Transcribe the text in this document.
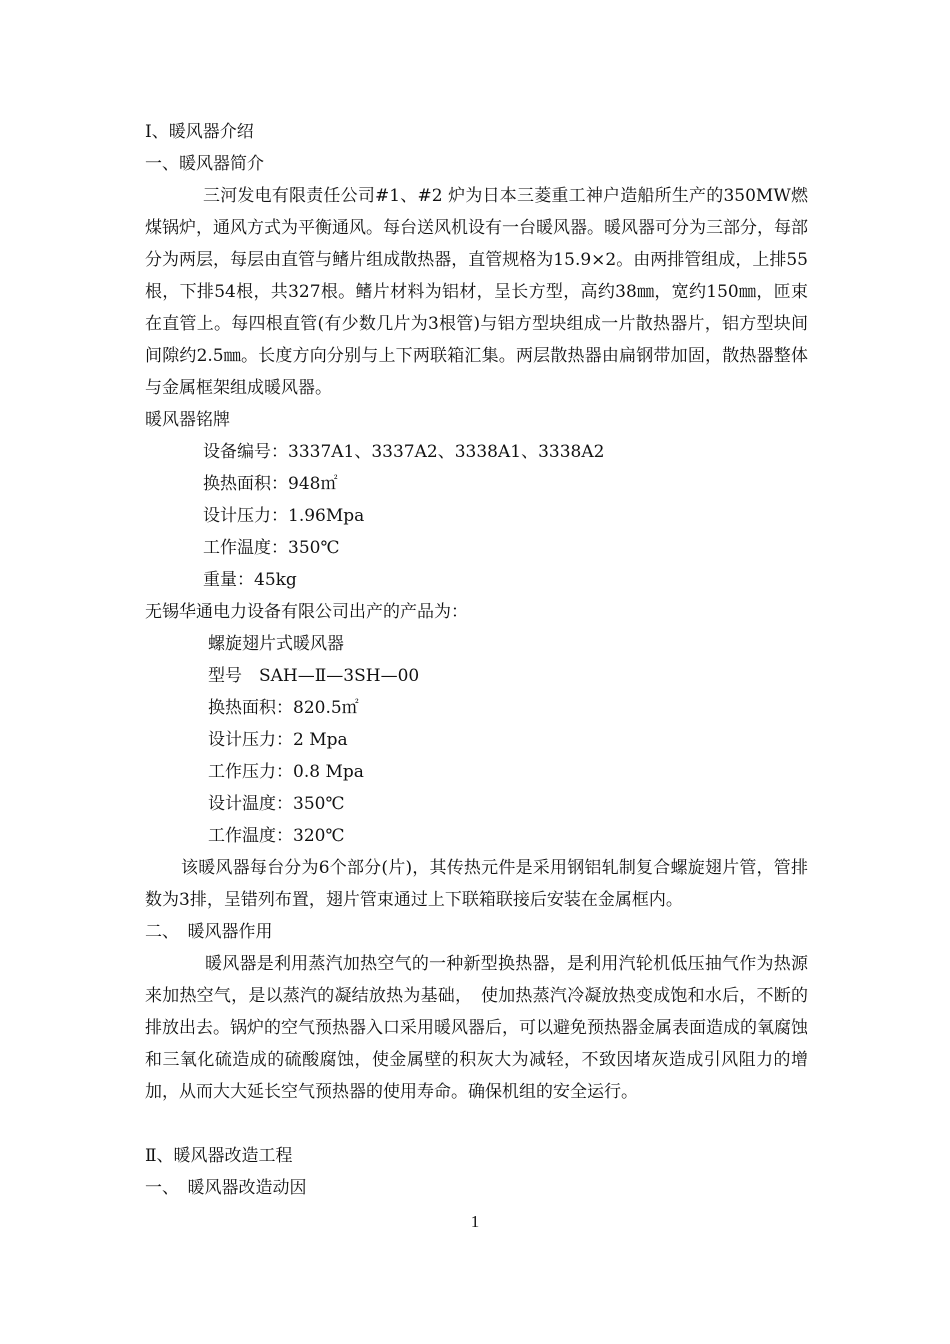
Ⅰ、暖风器介绍
一、暖风器简介

三河发电有限责任公司#1、#2 炉为日本三菱重工神户造船所生产的350MW燃煤锅炉，通风方式为平衡通风。每台送风机设有一台暖风器。暖风器可分为三部分，每部分为两层，每层由直管与鳍片组成散热器，直管规格为15.9×2。由两排管组成，上排55根，下排54根，共327根。鳍片材料为铝材，呈长方型，高约38㎜，宽约150㎜，匝束在直管上。每四根直管(有少数几片为3根管)与铝方型块组成一片散热器片，铝方型块间间隙约2.5㎜。长度方向分别与上下两联箱汇集。两层散热器由扁钢带加固，散热器整体与金属框架组成暖风器。

暖风器铭牌
设备编号：3337A1、3337A2、3338A1、3338A2
换热面积：948㎡
设计压力：1.96Mpa
工作温度：350℃
重量：45kg
无锡华通电力设备有限公司出产的产品为：
螺旋翅片式暖风器
型号　SAH—Ⅱ—3SH—00
换热面积：820.5㎡
设计压力：2 Mpa
工作压力：0.8 Mpa
设计温度：350℃
工作温度：320℃

该暖风器每台分为6个部分(片)，其传热元件是采用钢铝轧制复合螺旋翅片管，管排数为3排，呈错列布置，翅片管束通过上下联箱联接后安装在金属框内。

二、　暖风器作用

暖风器是利用蒸汽加热空气的一种新型换热器，是利用汽轮机低压抽气作为热源来加热空气，是以蒸汽的凝结放热为基础，　使加热蒸汽冷凝放热变成饱和水后，不断的排放出去。锅炉的空气预热器入口采用暖风器后，可以避免预热器金属表面造成的氧腐蚀和三氧化硫造成的硫酸腐蚀，使金属壁的积灰大为减轻，不致因堵灰造成引风阻力的增加，从而大大延长空气预热器的使用寿命。确保机组的安全运行。

Ⅱ、暖风器改造工程
一、　暖风器改造动因
1
